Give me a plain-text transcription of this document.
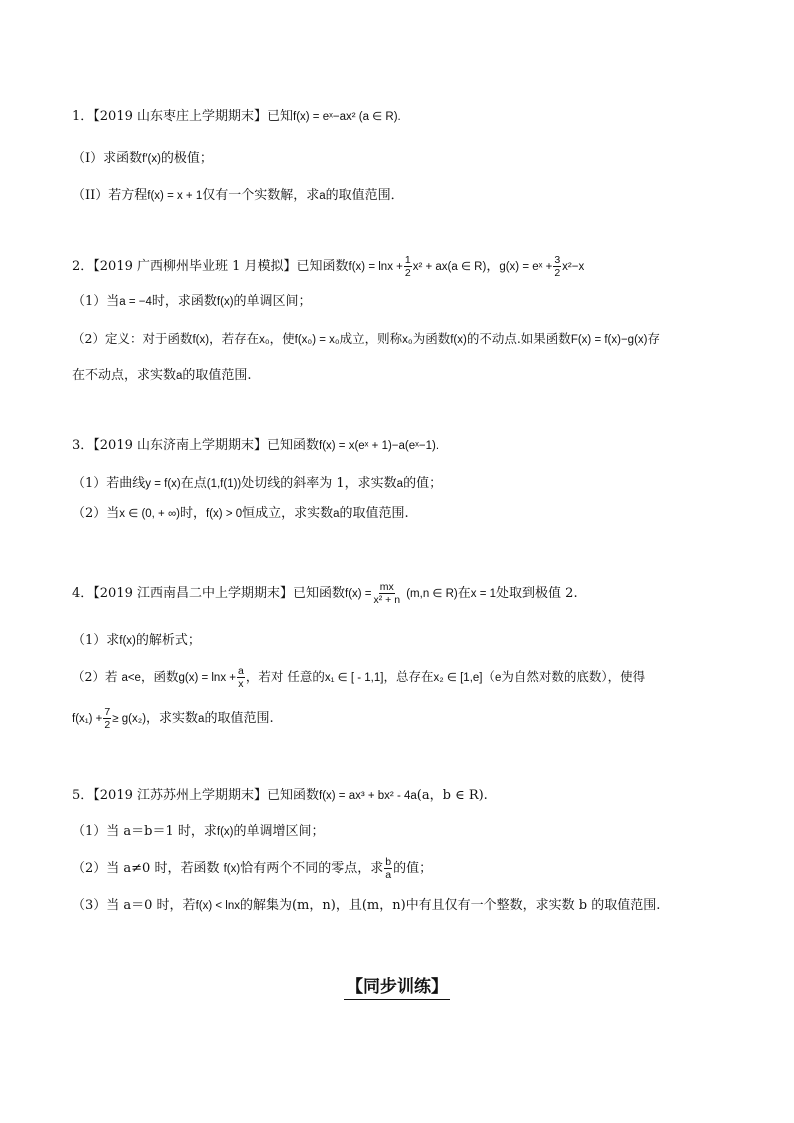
1．【2019 山东枣庄上学期期末】已知f(x) = eˣ−ax² (a ∈ R).
（I）求函数f′(x)的极值；
（II）若方程f(x) = x + 1仅有一个实数解，求a的取值范围．
2．【2019 广西柳州毕业班 1 月模拟】已知函数$f(x) = \ln x + \frac{1}{2} x^2 + ax(a$ ∈ R)，g(x) = eˣ + $\frac{3}{2} x^2-x$
（1）当a = −4时，求函数f(x)的单调区间；
（2）定义：对于函数f(x)，若存在x₀，使f(x₀) = x₀成立，则称x₀为函数f(x)的不动点.如果函数F(x) = f(x)−g(x)存
在不动点，求实数a的取值范围.
3．【2019 山东济南上学期期末】已知函数f(x) = x(eˣ + 1)−a(eˣ−1).
（1）若曲线y = f(x)在点(1,f(1))处切线的斜率为 1，求实数a的值；
（2）当x ∈ (0, + ∞)时，f(x) > 0恒成立，求实数a的取值范围.
4．【2019 江西南昌二中上学期期末】已知函数$f(x) = \frac{mx}{\text{x² + n}} (m,n$ ∈ R)在x = 1处取到极值 2.
（1）求f(x)的解析式；
（2）若 a<e，函数$g(x) = \ln x + \frac{a}{x}$ ，若对 任意的x₁ ∈ [ - 1,1]，总存在x₂ ∈ [1,e]（e为自然对数的底数），使得
$f(x_1) + \frac{7}{2} \ge g(x_2)$，求实数a的取值范围.
5．【2019 江苏苏州上学期期末】已知函数f(x) = ax³ + bx² - 4a(a，b ∈ R).
（1）当 a＝b＝1 时，求f(x)的单调增区间；
（2）当 a≠0 时，若函数 f(x)恰有两个不同的零点，求 $\frac{b}{a}$ 的值；
（3）当 a＝0 时，若f(x) < lnx的解集为(m，n)，且(m，n)中有且仅有一个整数，求实数 b 的取值范围.
【同步训练】
